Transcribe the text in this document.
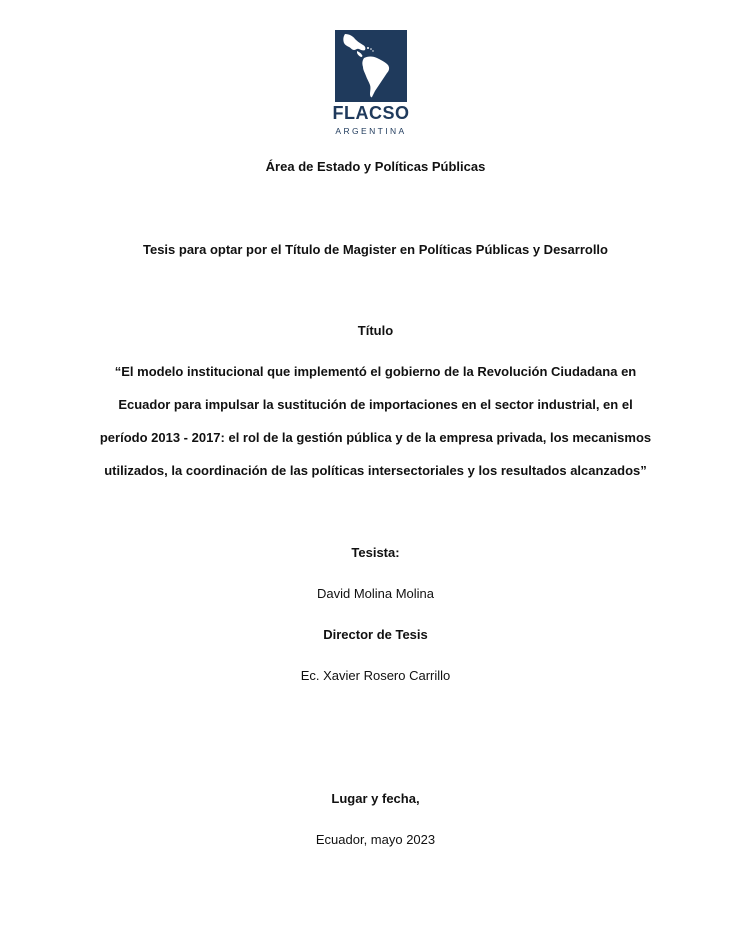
FLACSO
ARGENTINA
Área de Estado y Políticas Públicas
Tesis para optar por el Título de Magister en Políticas Públicas y Desarrollo
Título
“El modelo institucional que implementó el gobierno de la Revolución Ciudadana en
Ecuador para impulsar la sustitución de importaciones en el sector industrial, en el
período 2013 - 2017: el rol de la gestión pública y de la empresa privada, los mecanismos
utilizados, la coordinación de las políticas intersectoriales y los resultados alcanzados”
Tesista:
David Molina Molina
Director de Tesis
Ec. Xavier Rosero Carrillo
Lugar y fecha,
Ecuador, mayo 2023
